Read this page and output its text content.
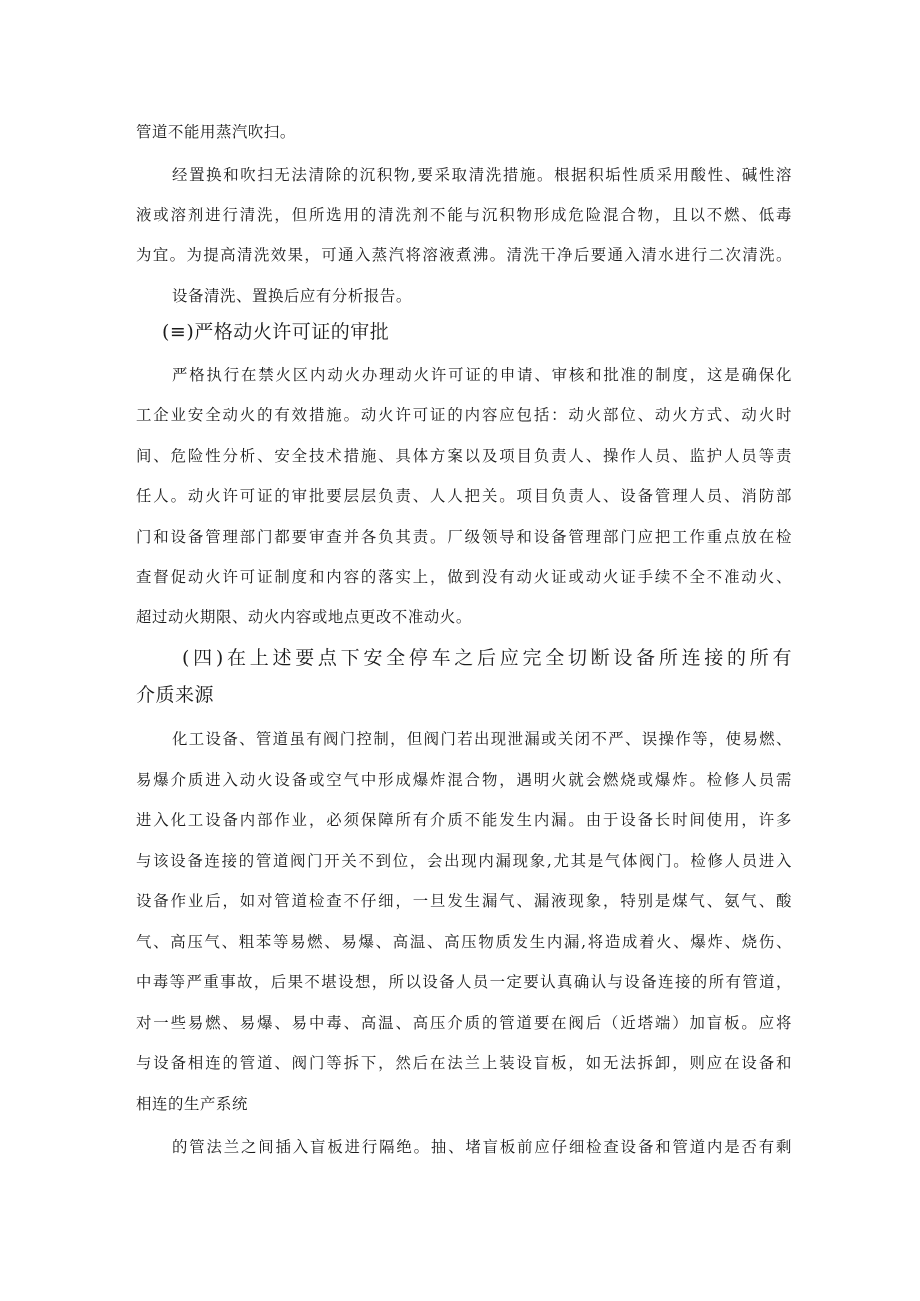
管道不能用蒸汽吹扫。
经置换和吹扫无法清除的沉积物,要采取清洗措施。根据积垢性质采用酸性、碱性溶
液或溶剂进行清洗，但所选用的清洗剂不能与沉积物形成危险混合物，且以不燃、低毒
为宜。为提高清洗效果，可通入蒸汽将溶液煮沸。清洗干净后要通入清水进行二次清洗。
设备清洗、置换后应有分析报告。
(≡)严格动火许可证的审批
严格执行在禁火区内动火办理动火许可证的申请、审核和批准的制度，这是确保化
工企业安全动火的有效措施。动火许可证的内容应包括：动火部位、动火方式、动火时
间、危险性分析、安全技术措施、具体方案以及项目负责人、操作人员、监护人员等责
任人。动火许可证的审批要层层负责、人人把关。项目负责人、设备管理人员、消防部
门和设备管理部门都要审查并各负其责。厂级领导和设备管理部门应把工作重点放在检
查督促动火许可证制度和内容的落实上，做到没有动火证或动火证手续不全不准动火、
超过动火期限、动火内容或地点更改不准动火。
(四)在上述要点下安全停车之后应完全切断设备所连接的所有
介质来源
化工设备、管道虽有阀门控制，但阀门若出现泄漏或关闭不严、误操作等，使易燃、
易爆介质进入动火设备或空气中形成爆炸混合物，遇明火就会燃烧或爆炸。检修人员需
进入化工设备内部作业，必须保障所有介质不能发生内漏。由于设备长时间使用，许多
与该设备连接的管道阀门开关不到位，会出现内漏现象,尤其是气体阀门。检修人员进入
设备作业后，如对管道检查不仔细，一旦发生漏气、漏液现象，特别是煤气、氨气、酸
气、高压气、粗苯等易燃、易爆、高温、高压物质发生内漏,将造成着火、爆炸、烧伤、
中毒等严重事故，后果不堪设想，所以设备人员一定要认真确认与设备连接的所有管道，
对一些易燃、易爆、易中毒、高温、高压介质的管道要在阀后（近塔端）加盲板。应将
与设备相连的管道、阀门等拆下，然后在法兰上装设盲板，如无法拆卸，则应在设备和
相连的生产系统
的管法兰之间插入盲板进行隔绝。抽、堵盲板前应仔细检查设备和管道内是否有剩
